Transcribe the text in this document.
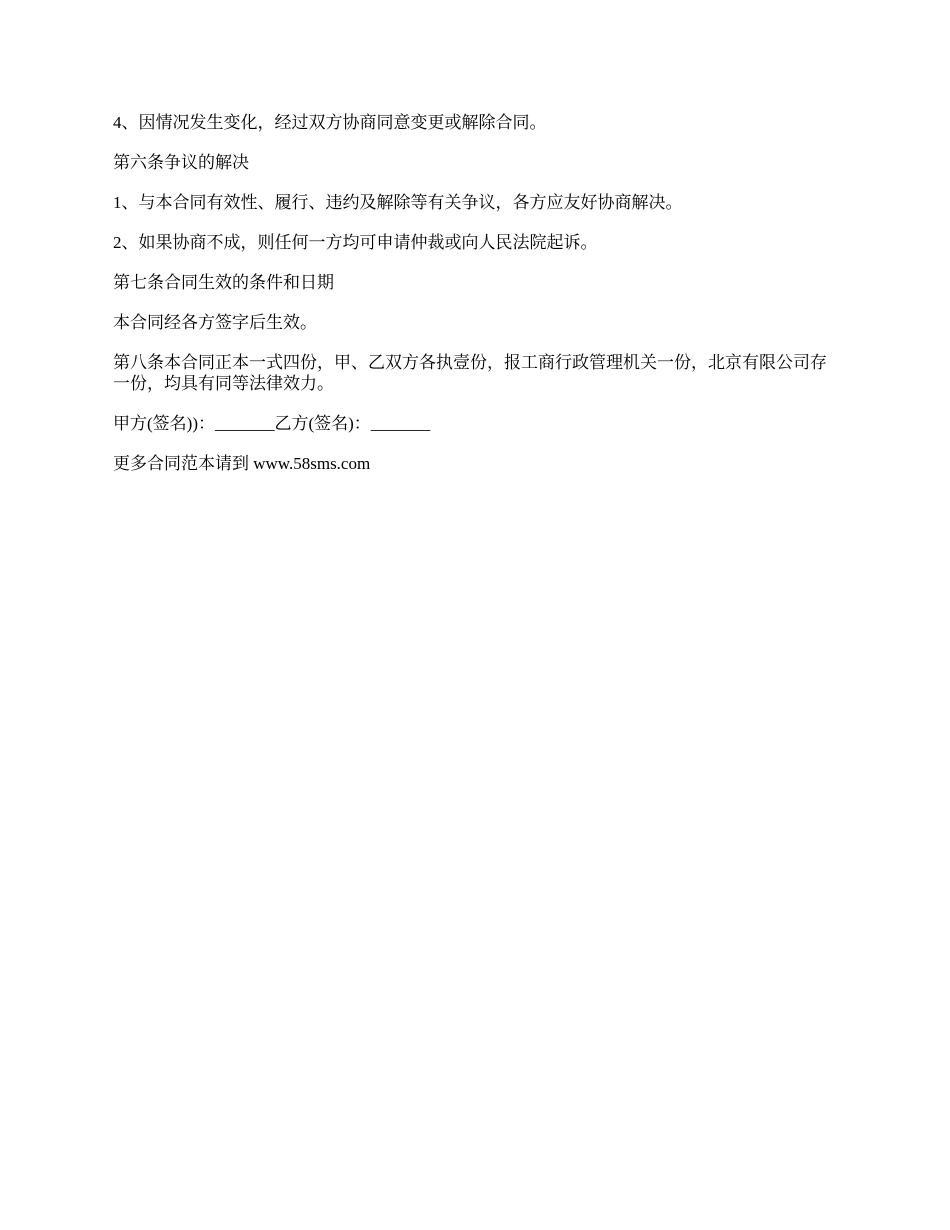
4、因情况发生变化，经过双方协商同意变更或解除合同。

第六条争议的解决

1、与本合同有效性、履行、违约及解除等有关争议，各方应友好协商解决。

2、如果协商不成，则任何一方均可申请仲裁或向人民法院起诉。

第七条合同生效的条件和日期

本合同经各方签字后生效。

第八条本合同正本一式四份，甲、乙双方各执壹份，报工商行政管理机关一份，北京有限公司存一份，均具有同等法律效力。

甲方(签名))：_______乙方(签名)：_______

更多合同范本请到 www.58sms.com
